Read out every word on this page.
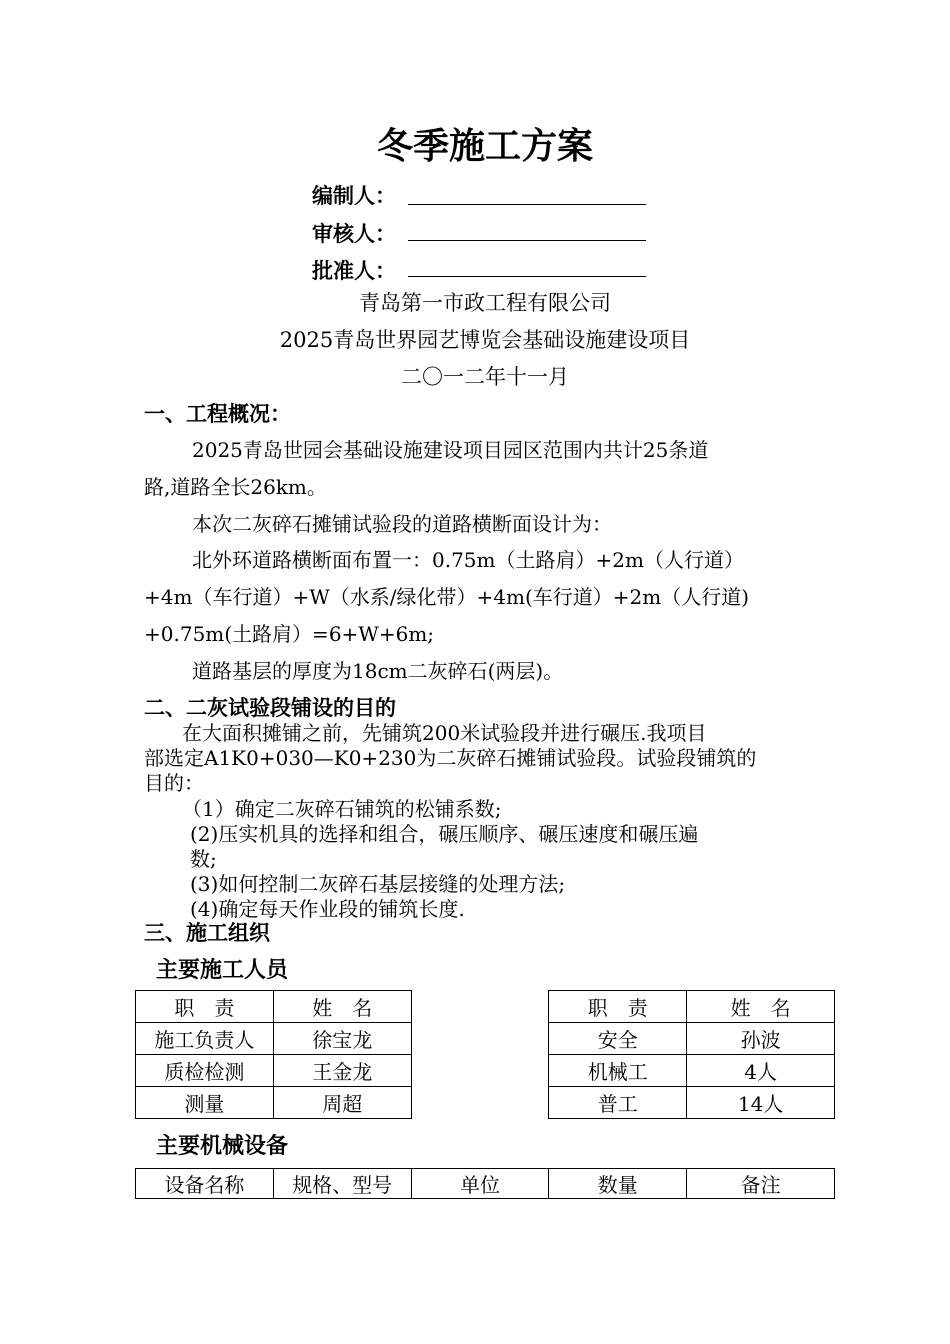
冬季施工方案
编制人：
审核人：
批准人：
青岛第一市政工程有限公司
2025青岛世界园艺博览会基础设施建设项目
二〇一二年十一月
一、工程概况：
2025青岛世园会基础设施建设项目园区范围内共计25条道
路,道路全长26km。
本次二灰碎石摊铺试验段的道路横断面设计为：
北外环道路横断面布置一：0.75m（土路肩）+2m（人行道）
+4m（车行道）+W（水系/绿化带）+4m(车行道）+2m（人行道)
+0.75m(土路肩）=6+W+6m;
道路基层的厚度为18cm二灰碎石(两层)。
二、二灰试验段铺设的目的
在大面积摊铺之前，先铺筑200米试验段并进行碾压.我项目
部选定A1K0+030—K0+230为二灰碎石摊铺试验段。试验段铺筑的
目的：
（1）确定二灰碎石铺筑的松铺系数;
(2)压实机具的选择和组合，碾压顺序、碾压速度和碾压遍
数;
(3)如何控制二灰碎石基层接缝的处理方法;
(4)确定每天作业段的铺筑长度.
三、施工组织
主要施工人员
职　责	姓　名		职　责	姓　名
施工负责人	徐宝龙		安全	孙波
质检检测	王金龙		机械工	4人
测量	周超		普工	14人
主要机械设备
设备名称	规格、型号	单位	数量	备注
